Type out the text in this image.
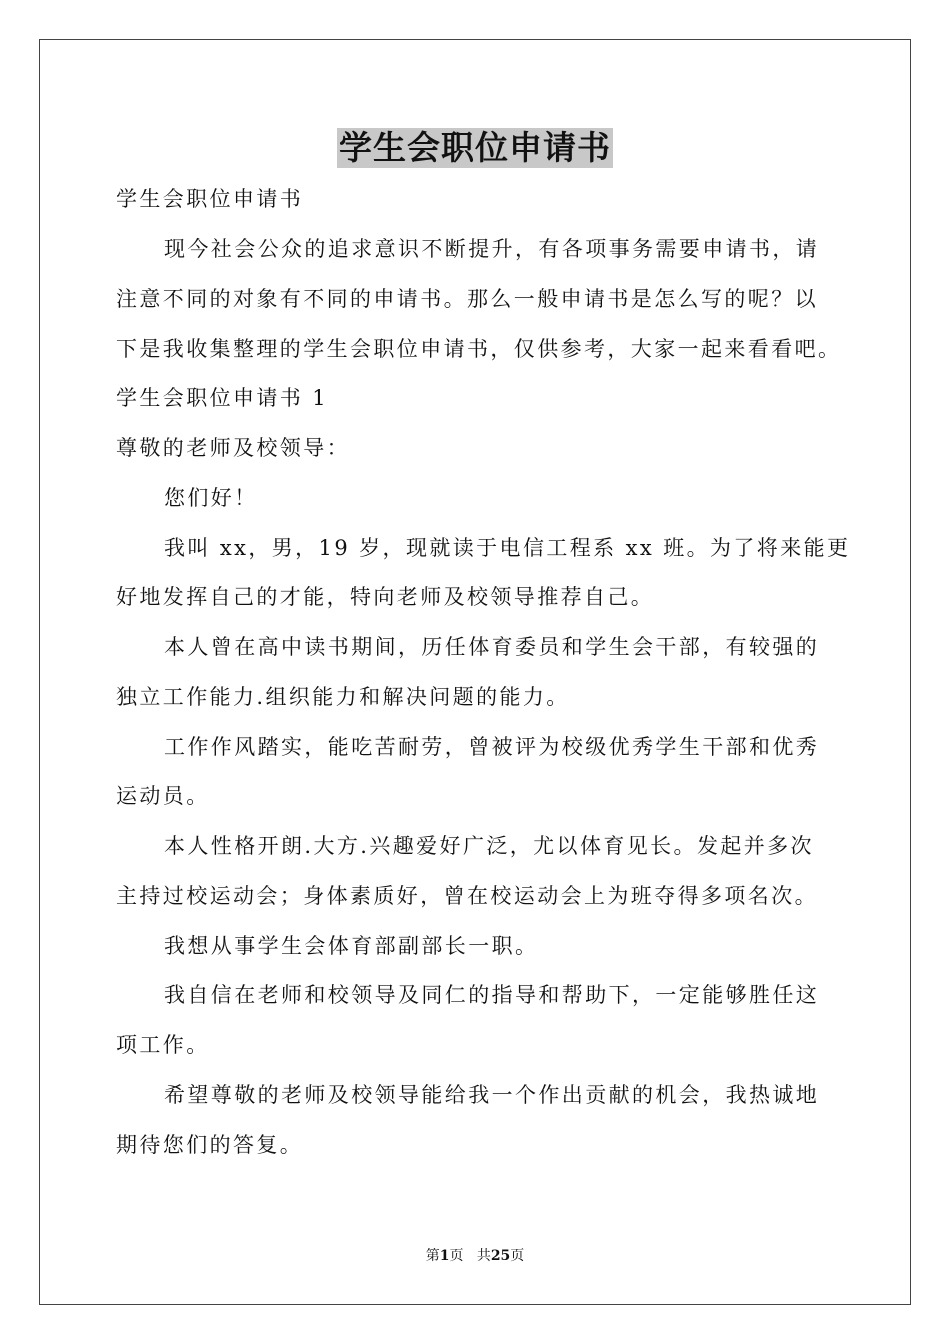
学生会职位申请书
学生会职位申请书
现今社会公众的追求意识不断提升，有各项事务需要申请书，请
注意不同的对象有不同的申请书。那么一般申请书是怎么写的呢？以
下是我收集整理的学生会职位申请书，仅供参考，大家一起来看看吧。
学生会职位申请书 1
尊敬的老师及校领导：
您们好！
我叫 xx，男，19 岁，现就读于电信工程系 xx 班。为了将来能更
好地发挥自己的才能，特向老师及校领导推荐自己。
本人曾在高中读书期间，历任体育委员和学生会干部，有较强的
独立工作能力.组织能力和解决问题的能力。
工作作风踏实，能吃苦耐劳，曾被评为校级优秀学生干部和优秀
运动员。
本人性格开朗.大方.兴趣爱好广泛，尤以体育见长。发起并多次
主持过校运动会；身体素质好，曾在校运动会上为班夺得多项名次。
我想从事学生会体育部副部长一职。
我自信在老师和校领导及同仁的指导和帮助下，一定能够胜任这
项工作。
希望尊敬的老师及校领导能给我一个作出贡献的机会，我热诚地
期待您们的答复。
第1页 共25页
